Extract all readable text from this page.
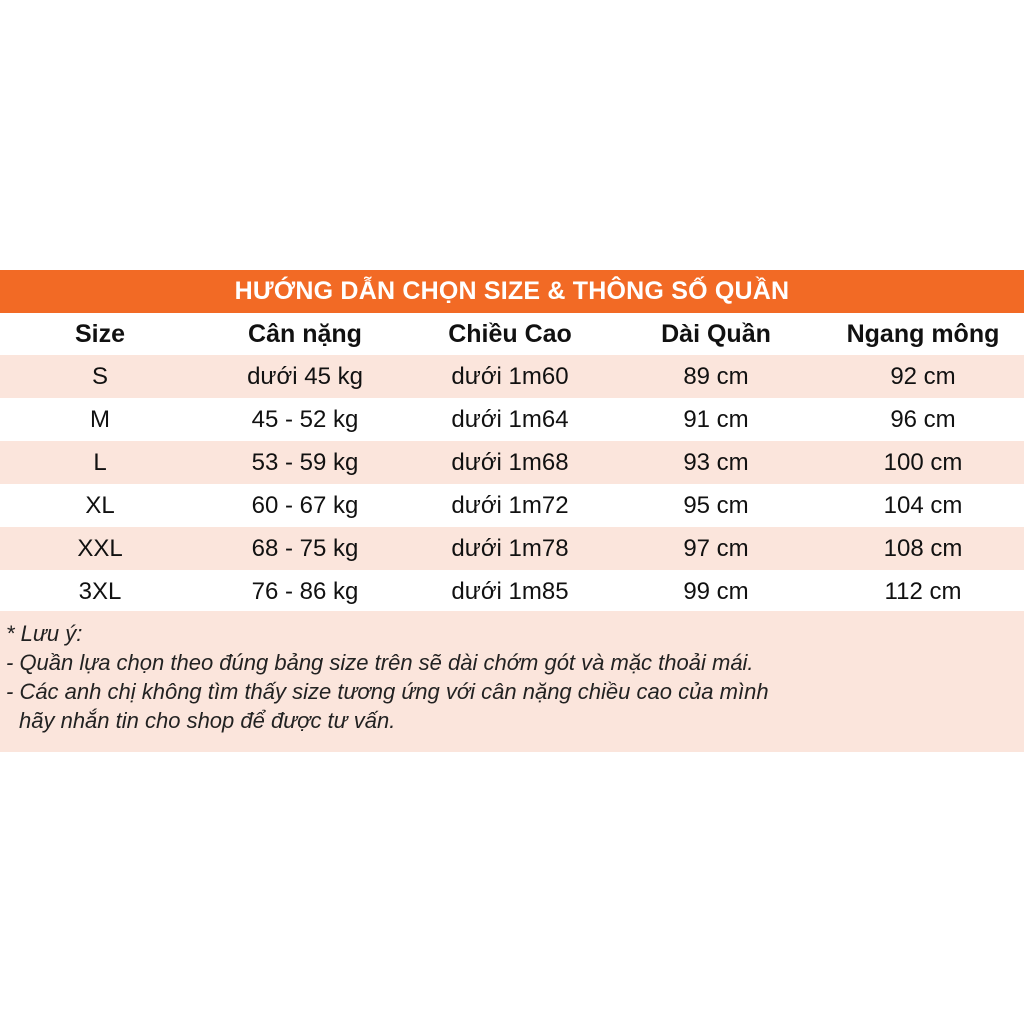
HƯỚNG DẪN CHỌN SIZE & THÔNG SỐ QUẦN
Size	Cân nặng	Chiều Cao	Dài Quần	Ngang mông
S	dưới 45 kg	dưới 1m60	89 cm	92 cm
M	45 - 52 kg	dưới 1m64	91 cm	96 cm
L	53 - 59 kg	dưới 1m68	93 cm	100 cm
XL	60 - 67 kg	dưới 1m72	95 cm	104 cm
XXL	68 - 75 kg	dưới 1m78	97 cm	108 cm
3XL	76 - 86 kg	dưới 1m85	99 cm	112 cm
* Lưu ý:
- Quần lựa chọn theo đúng bảng size trên sẽ dài chớm gót và mặc thoải mái.
- Các anh chị không tìm thấy size tương ứng với cân nặng chiều cao của mình
hãy nhắn tin cho shop để được tư vấn.
